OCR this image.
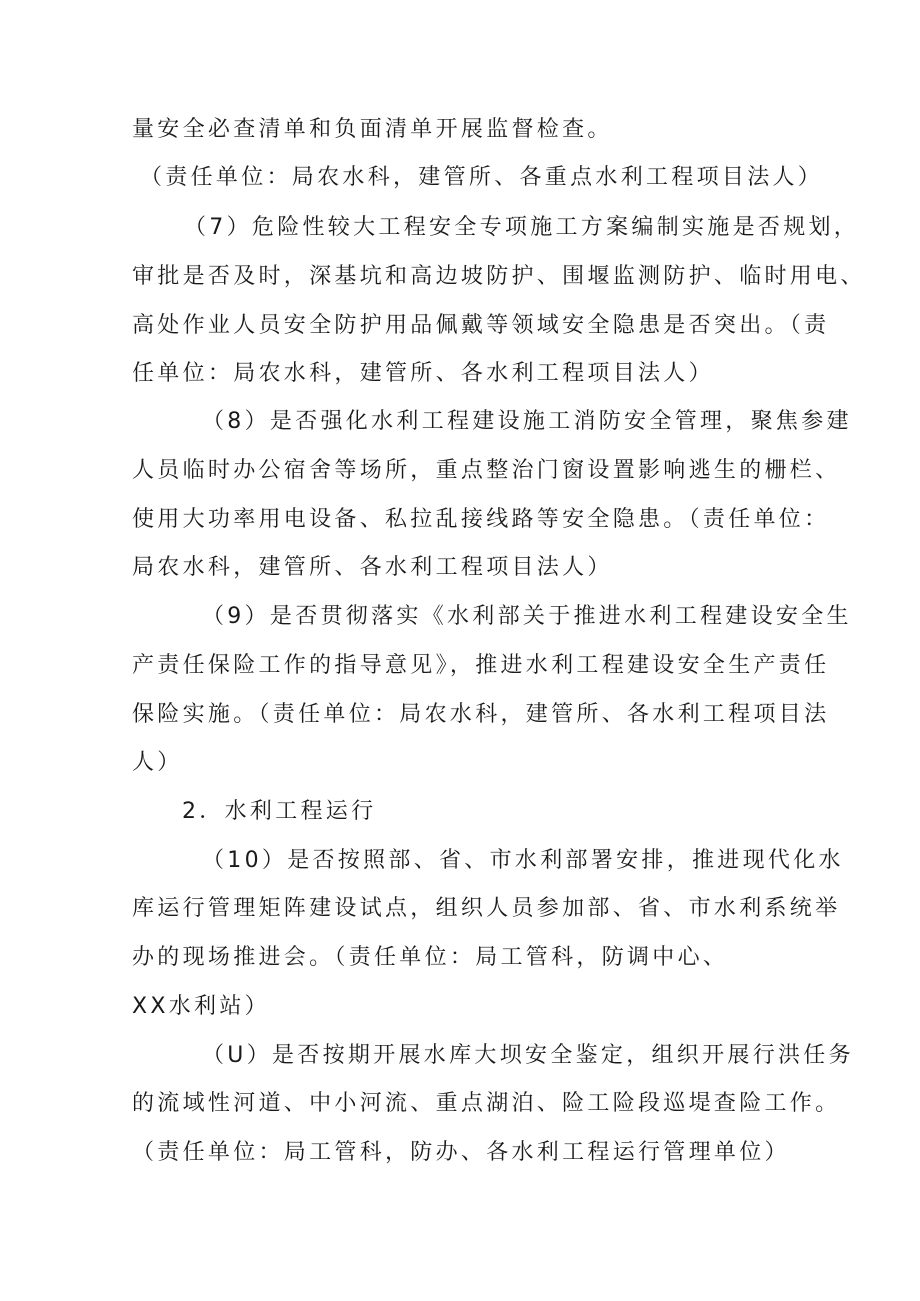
量安全必查清单和负面清单开展监督检查。
（责任单位：局农水科，建管所、各重点水利工程项目法人）
（7）危险性较大工程安全专项施工方案编制实施是否规划，
审批是否及时，深基坑和高边坡防护、围堰监测防护、临时用电、
高处作业人员安全防护用品佩戴等领域安全隐患是否突出。（责
任单位：局农水科，建管所、各水利工程项目法人）
（8）是否强化水利工程建设施工消防安全管理，聚焦参建
人员临时办公宿舍等场所，重点整治门窗设置影响逃生的栅栏、
使用大功率用电设备、私拉乱接线路等安全隐患。（责任单位：
局农水科，建管所、各水利工程项目法人）
（9）是否贯彻落实《水利部关于推进水利工程建设安全生
产责任保险工作的指导意见》，推进水利工程建设安全生产责任
保险实施。（责任单位：局农水科，建管所、各水利工程项目法
人）
2．水利工程运行
（10）是否按照部、省、市水利部署安排，推进现代化水
库运行管理矩阵建设试点，组织人员参加部、省、市水利系统举
办的现场推进会。（责任单位：局工管科，防调中心、
XX水利站）
（U）是否按期开展水库大坝安全鉴定，组织开展行洪任务
的流域性河道、中小河流、重点湖泊、险工险段巡堤查险工作。
（责任单位：局工管科，防办、各水利工程运行管理单位）
